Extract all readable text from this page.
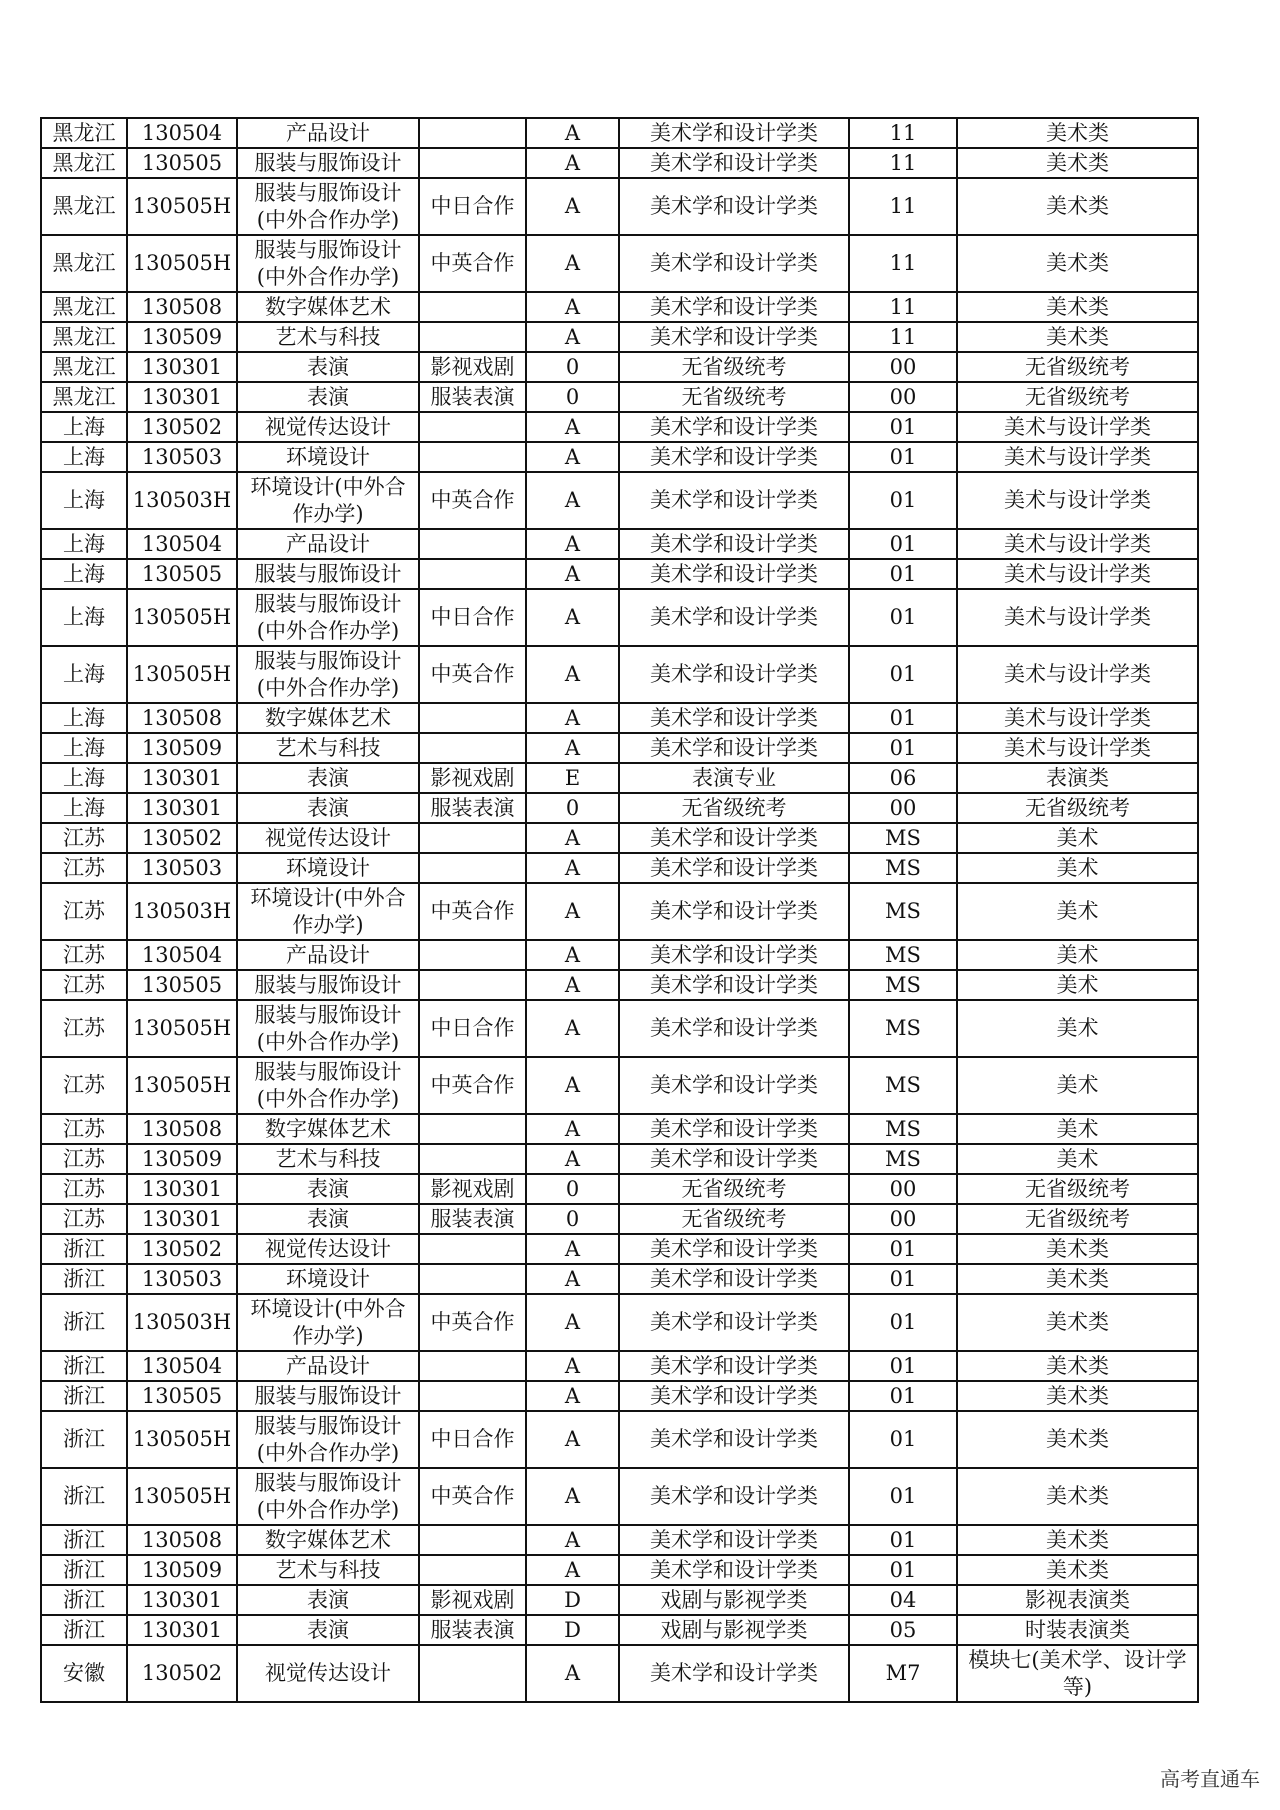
黑龙江	130504	产品设计		A	美术学和设计学类	11	美术类
黑龙江	130505	服装与服饰设计		A	美术学和设计学类	11	美术类
黑龙江	130505H	服装与服饰设计(中外合作办学)	中日合作	A	美术学和设计学类	11	美术类
黑龙江	130505H	服装与服饰设计(中外合作办学)	中英合作	A	美术学和设计学类	11	美术类
黑龙江	130508	数字媒体艺术		A	美术学和设计学类	11	美术类
黑龙江	130509	艺术与科技		A	美术学和设计学类	11	美术类
黑龙江	130301	表演	影视戏剧	0	无省级统考	00	无省级统考
黑龙江	130301	表演	服装表演	0	无省级统考	00	无省级统考
上海	130502	视觉传达设计		A	美术学和设计学类	01	美术与设计学类
上海	130503	环境设计		A	美术学和设计学类	01	美术与设计学类
上海	130503H	环境设计(中外合作办学)	中英合作	A	美术学和设计学类	01	美术与设计学类
上海	130504	产品设计		A	美术学和设计学类	01	美术与设计学类
上海	130505	服装与服饰设计		A	美术学和设计学类	01	美术与设计学类
上海	130505H	服装与服饰设计(中外合作办学)	中日合作	A	美术学和设计学类	01	美术与设计学类
上海	130505H	服装与服饰设计(中外合作办学)	中英合作	A	美术学和设计学类	01	美术与设计学类
上海	130508	数字媒体艺术		A	美术学和设计学类	01	美术与设计学类
上海	130509	艺术与科技		A	美术学和设计学类	01	美术与设计学类
上海	130301	表演	影视戏剧	E	表演专业	06	表演类
上海	130301	表演	服装表演	0	无省级统考	00	无省级统考
江苏	130502	视觉传达设计		A	美术学和设计学类	MS	美术
江苏	130503	环境设计		A	美术学和设计学类	MS	美术
江苏	130503H	环境设计(中外合作办学)	中英合作	A	美术学和设计学类	MS	美术
江苏	130504	产品设计		A	美术学和设计学类	MS	美术
江苏	130505	服装与服饰设计		A	美术学和设计学类	MS	美术
江苏	130505H	服装与服饰设计(中外合作办学)	中日合作	A	美术学和设计学类	MS	美术
江苏	130505H	服装与服饰设计(中外合作办学)	中英合作	A	美术学和设计学类	MS	美术
江苏	130508	数字媒体艺术		A	美术学和设计学类	MS	美术
江苏	130509	艺术与科技		A	美术学和设计学类	MS	美术
江苏	130301	表演	影视戏剧	0	无省级统考	00	无省级统考
江苏	130301	表演	服装表演	0	无省级统考	00	无省级统考
浙江	130502	视觉传达设计		A	美术学和设计学类	01	美术类
浙江	130503	环境设计		A	美术学和设计学类	01	美术类
浙江	130503H	环境设计(中外合作办学)	中英合作	A	美术学和设计学类	01	美术类
浙江	130504	产品设计		A	美术学和设计学类	01	美术类
浙江	130505	服装与服饰设计		A	美术学和设计学类	01	美术类
浙江	130505H	服装与服饰设计(中外合作办学)	中日合作	A	美术学和设计学类	01	美术类
浙江	130505H	服装与服饰设计(中外合作办学)	中英合作	A	美术学和设计学类	01	美术类
浙江	130508	数字媒体艺术		A	美术学和设计学类	01	美术类
浙江	130509	艺术与科技		A	美术学和设计学类	01	美术类
浙江	130301	表演	影视戏剧	D	戏剧与影视学类	04	影视表演类
浙江	130301	表演	服装表演	D	戏剧与影视学类	05	时装表演类
安徽	130502	视觉传达设计		A	美术学和设计学类	M7	模块七(美术学、设计学等)
高考直通车
